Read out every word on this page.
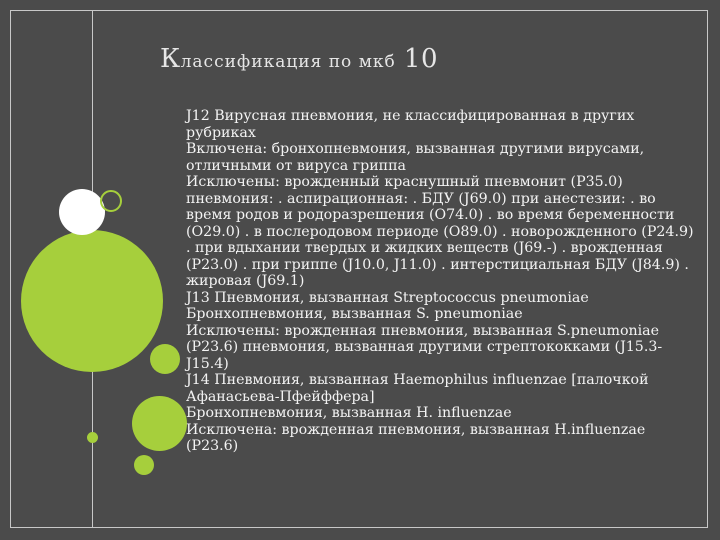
Классификация по мкб 10

J12 Вирусная пневмония, не классифицированная в других рубриках

Включена: бронхопневмония, вызванная другими вирусами, отличными от вируса гриппа

Исключены: врожденный краснушный пневмонит (P35.0) пневмония: . аспирационная: . БДУ (J69.0) при анестезии: . во время родов и родоразрешения (O74.0) . во время беременности (O29.0) . в послеродовом периоде (O89.0) . новорожденного (P24.9) . при вдыхании твердых и жидких веществ (J69.-) . врожденная (P23.0) . при гриппе (J10.0, J11.0) . интерстициальная БДУ (J84.9) . жировая (J69.1)

J13 Пневмония, вызванная Streptococcus pneumoniae

Бронхопневмония, вызванная S. pneumoniae

Исключены: врожденная пневмония, вызванная S.pneumoniae (P23.6) пневмония, вызванная другими стрептококками (J15.3-J15.4)

J14 Пневмония, вызванная Haemophilus influenzae [палочкой Афанасьева-Пфейффера]

Бронхопневмония, вызванная H. influenzae

Исключена: врожденная пневмония, вызванная H.influenzae (P23.6)
